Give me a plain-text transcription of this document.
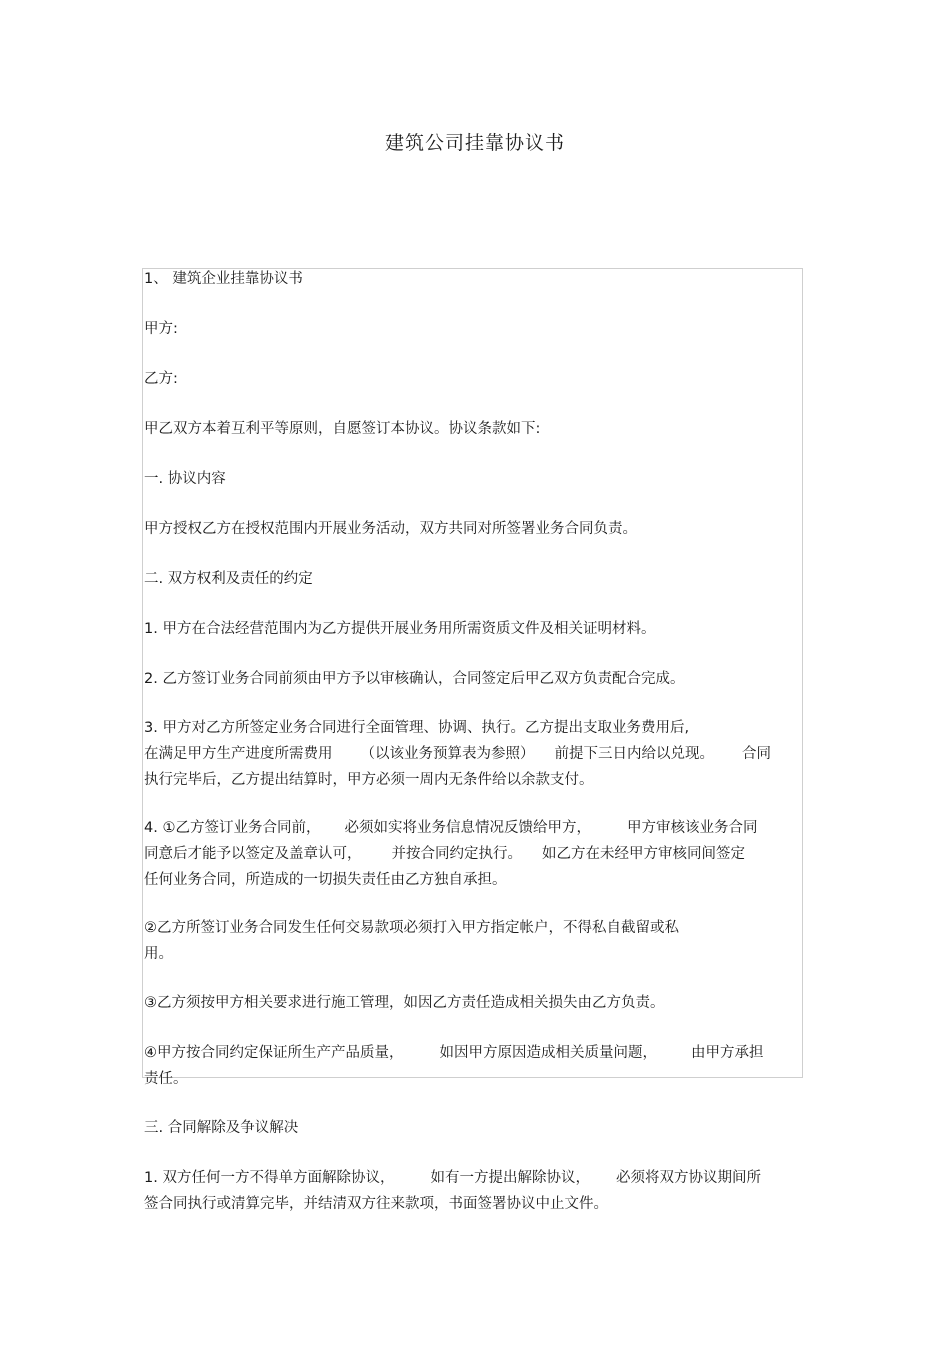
建筑公司挂靠协议书
1、 建筑企业挂靠协议书
甲方:
乙方:
甲乙双方本着互利平等原则，自愿签订本协议。协议条款如下:
一. 协议内容
甲方授权乙方在授权范围内开展业务活动，双方共同对所签署业务合同负责。
二. 双方权利及责任的约定
1. 甲方在合法经营范围内为乙方提供开展业务用所需资质文件及相关证明材料。
2. 乙方签订业务合同前须由甲方予以审核确认，合同签定后甲乙双方负责配合完成。
3. 甲方对乙方所签定业务合同进行全面管理、协调、执行。乙方提出支取业务费用后,
在满足甲方生产进度所需费用 （以该业务预算表为参照） 前提下三日内给以兑现。 合同
执行完毕后，乙方提出结算时，甲方必须一周内无条件给以余款支付。
4. ①乙方签订业务合同前， 必须如实将业务信息情况反馈给甲方， 甲方审核该业务合同
同意后才能予以签定及盖章认可， 并按合同约定执行。 如乙方在未经甲方审核同间签定
任何业务合同，所造成的一切损失责任由乙方独自承担。
②乙方所签订业务合同发生任何交易款项必须打入甲方指定帐户，不得私自截留或私
用。
③乙方须按甲方相关要求进行施工管理，如因乙方责任造成相关损失由乙方负责。
④甲方按合同约定保证所生产产品质量， 如因甲方原因造成相关质量问题， 由甲方承担
责任。
三. 合同解除及争议解决
1. 双方任何一方不得单方面解除协议， 如有一方提出解除协议， 必须将双方协议期间所
签合同执行或清算完毕，并结清双方往来款项，书面签署协议中止文件。
